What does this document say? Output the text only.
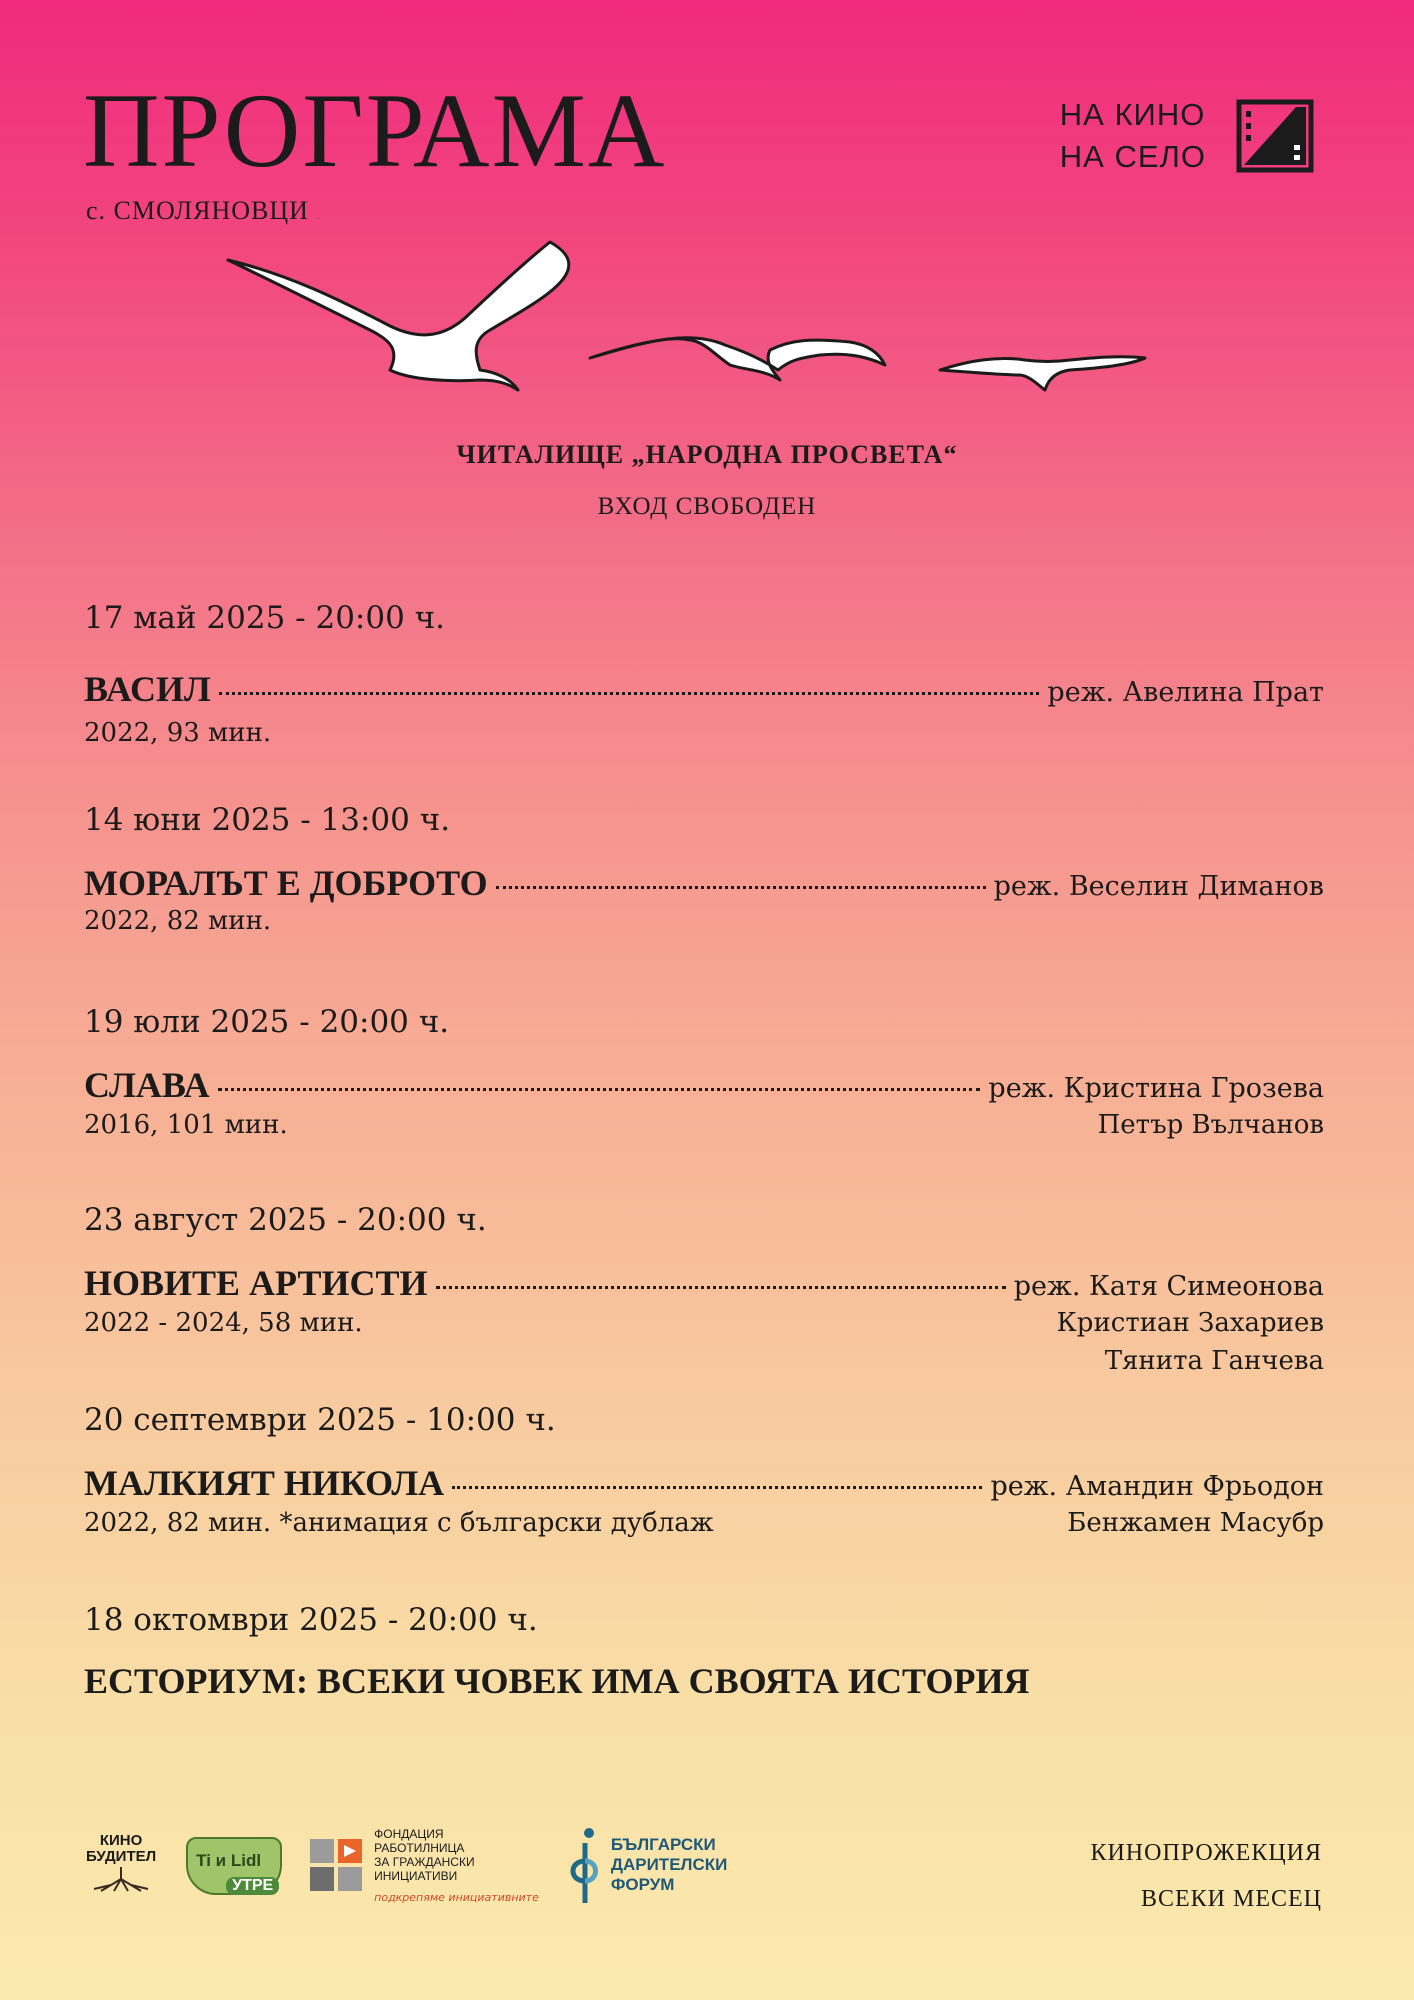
ПРОГРАМА
с. СМОЛЯНОВЦИ
НА КИНО
НА СЕЛО
ЧИТАЛИЩЕ „НАРОДНА ПРОСВЕТА“
ВХОД СВОБОДЕН
17 май 2025 - 20:00 ч.
ВАСИЛ	реж. Авелина Прат
2022, 93 мин.
14 юни 2025 - 13:00 ч.
МОРАЛЪТ Е ДОБРОТО	реж. Веселин Диманов
2022, 82 мин.
19 юли 2025 - 20:00 ч.
СЛАВА	реж. Кристина Грозева
2016, 101 мин.	Петър Вълчанов
23 август 2025 - 20:00 ч.
НОВИТЕ АРТИСТИ	реж. Катя Симеонова
2022 - 2024, 58 мин.	Кристиан Захариев
Тянита Ганчева
20 септември 2025 - 10:00 ч.
МАЛКИЯТ НИКОЛА	реж. Амандин Фрьодон
2022, 82 мин. *анимация с български дублаж	Бенжамен Масубр
18 октомври 2025 - 20:00 ч.
ЕСТОРИУМ: ВСЕКИ ЧОВЕК ИМА СВОЯТА ИСТОРИЯ
КИНО
БУДИТЕЛ Ti и Lidl
УТРЕ
ФОНДАЦИЯ
РАБОТИЛНИЦА
ЗА ГРАЖДАНСКИ
ИНИЦИАТИВИ
подкрепяме инициативните
БЪЛГАРСКИ
ДАРИТЕЛСКИ
ФОРУМ
КИНОПРОЖЕКЦИЯ
ВСЕКИ МЕСЕЦ
